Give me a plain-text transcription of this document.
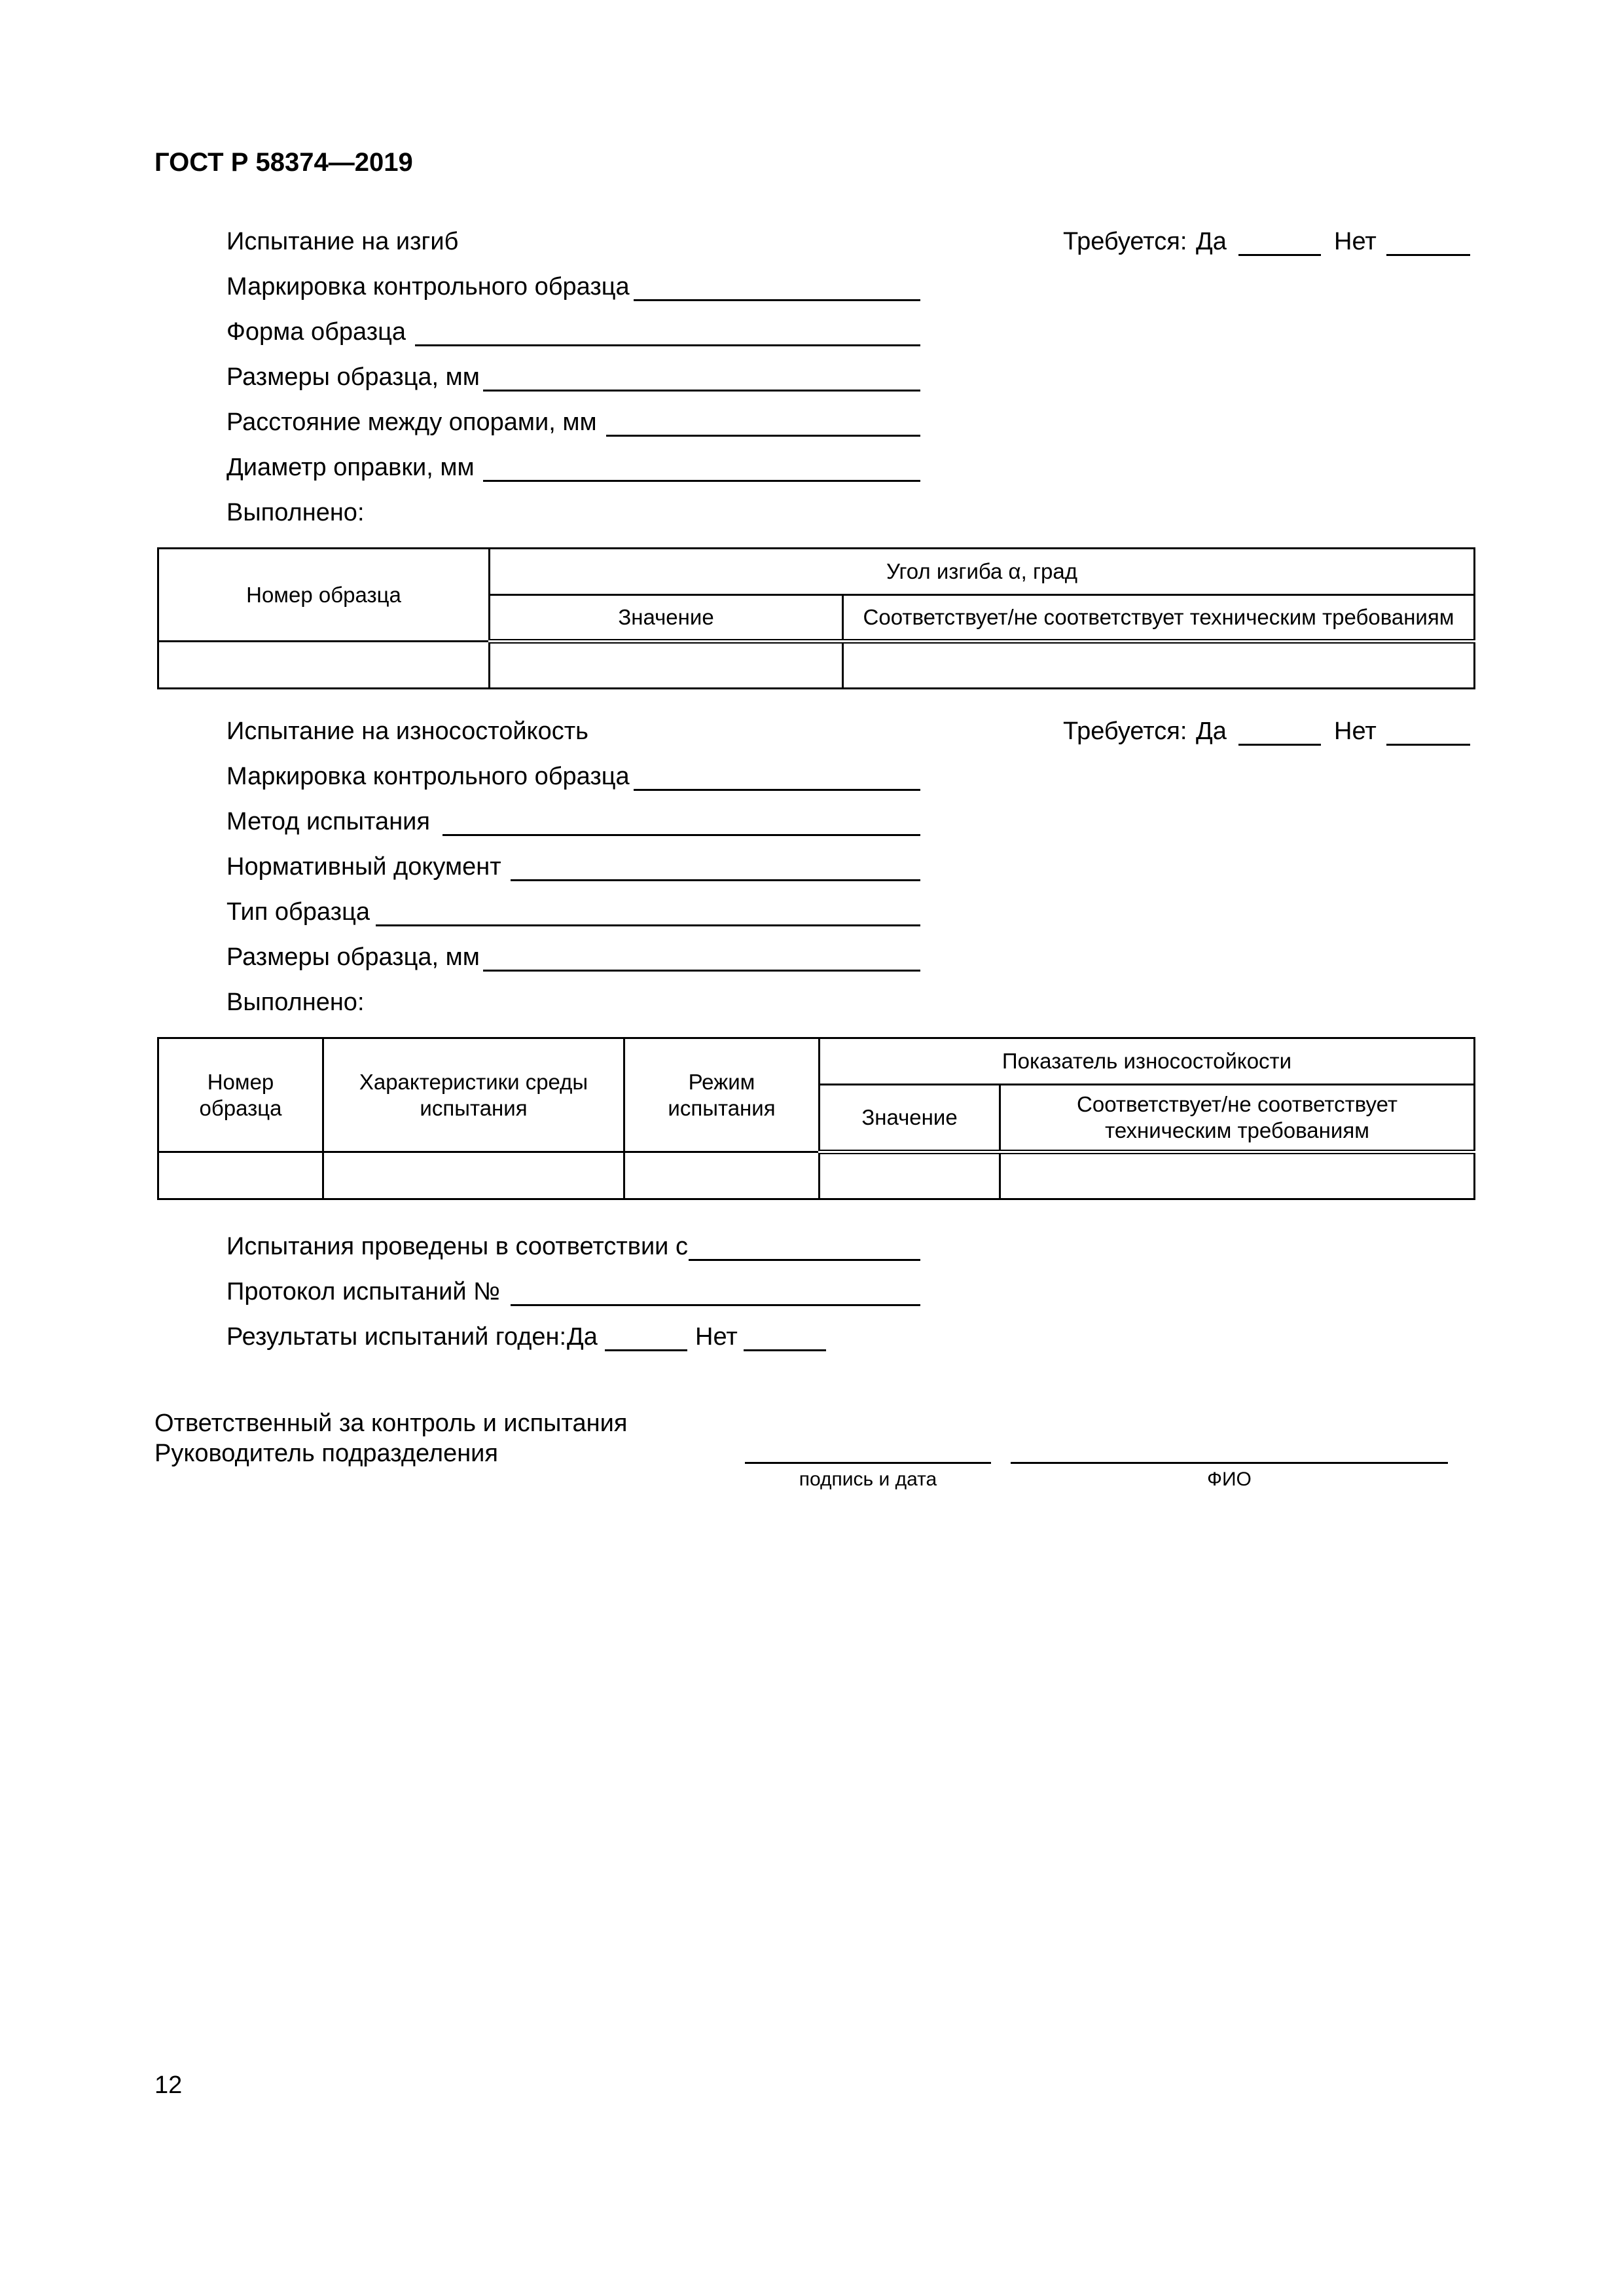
ГОСТ Р 58374—2019
Испытание на изгиб	Требуется: Да	Нет
Маркировка контрольного образца
Форма образца
Размеры образца, мм
Расстояние между опорами, мм
Диаметр оправки, мм
Выполнено:
Номер образца	Угол изгиба α, град	
	Значение	Соответствует/не соответствует техническим требованиям

Испытание на износостойкость	Требуется: Да	Нет
Маркировка контрольного образца
Метод испытания
Нормативный документ
Тип образца
Размеры образца, мм
Выполнено:
Номер образца	Характеристики среды испытания	Режим испытания	Показатель износостойкости	
			Значение	Соответствует/не соответствует техническим требованиям

Испытания проведены в соответствии с
Протокол испытаний №
Результаты испытаний годен: Да	Нет
Ответственный за контроль и испытания
Руководитель подразделения
подпись и дата	ФИО
12
